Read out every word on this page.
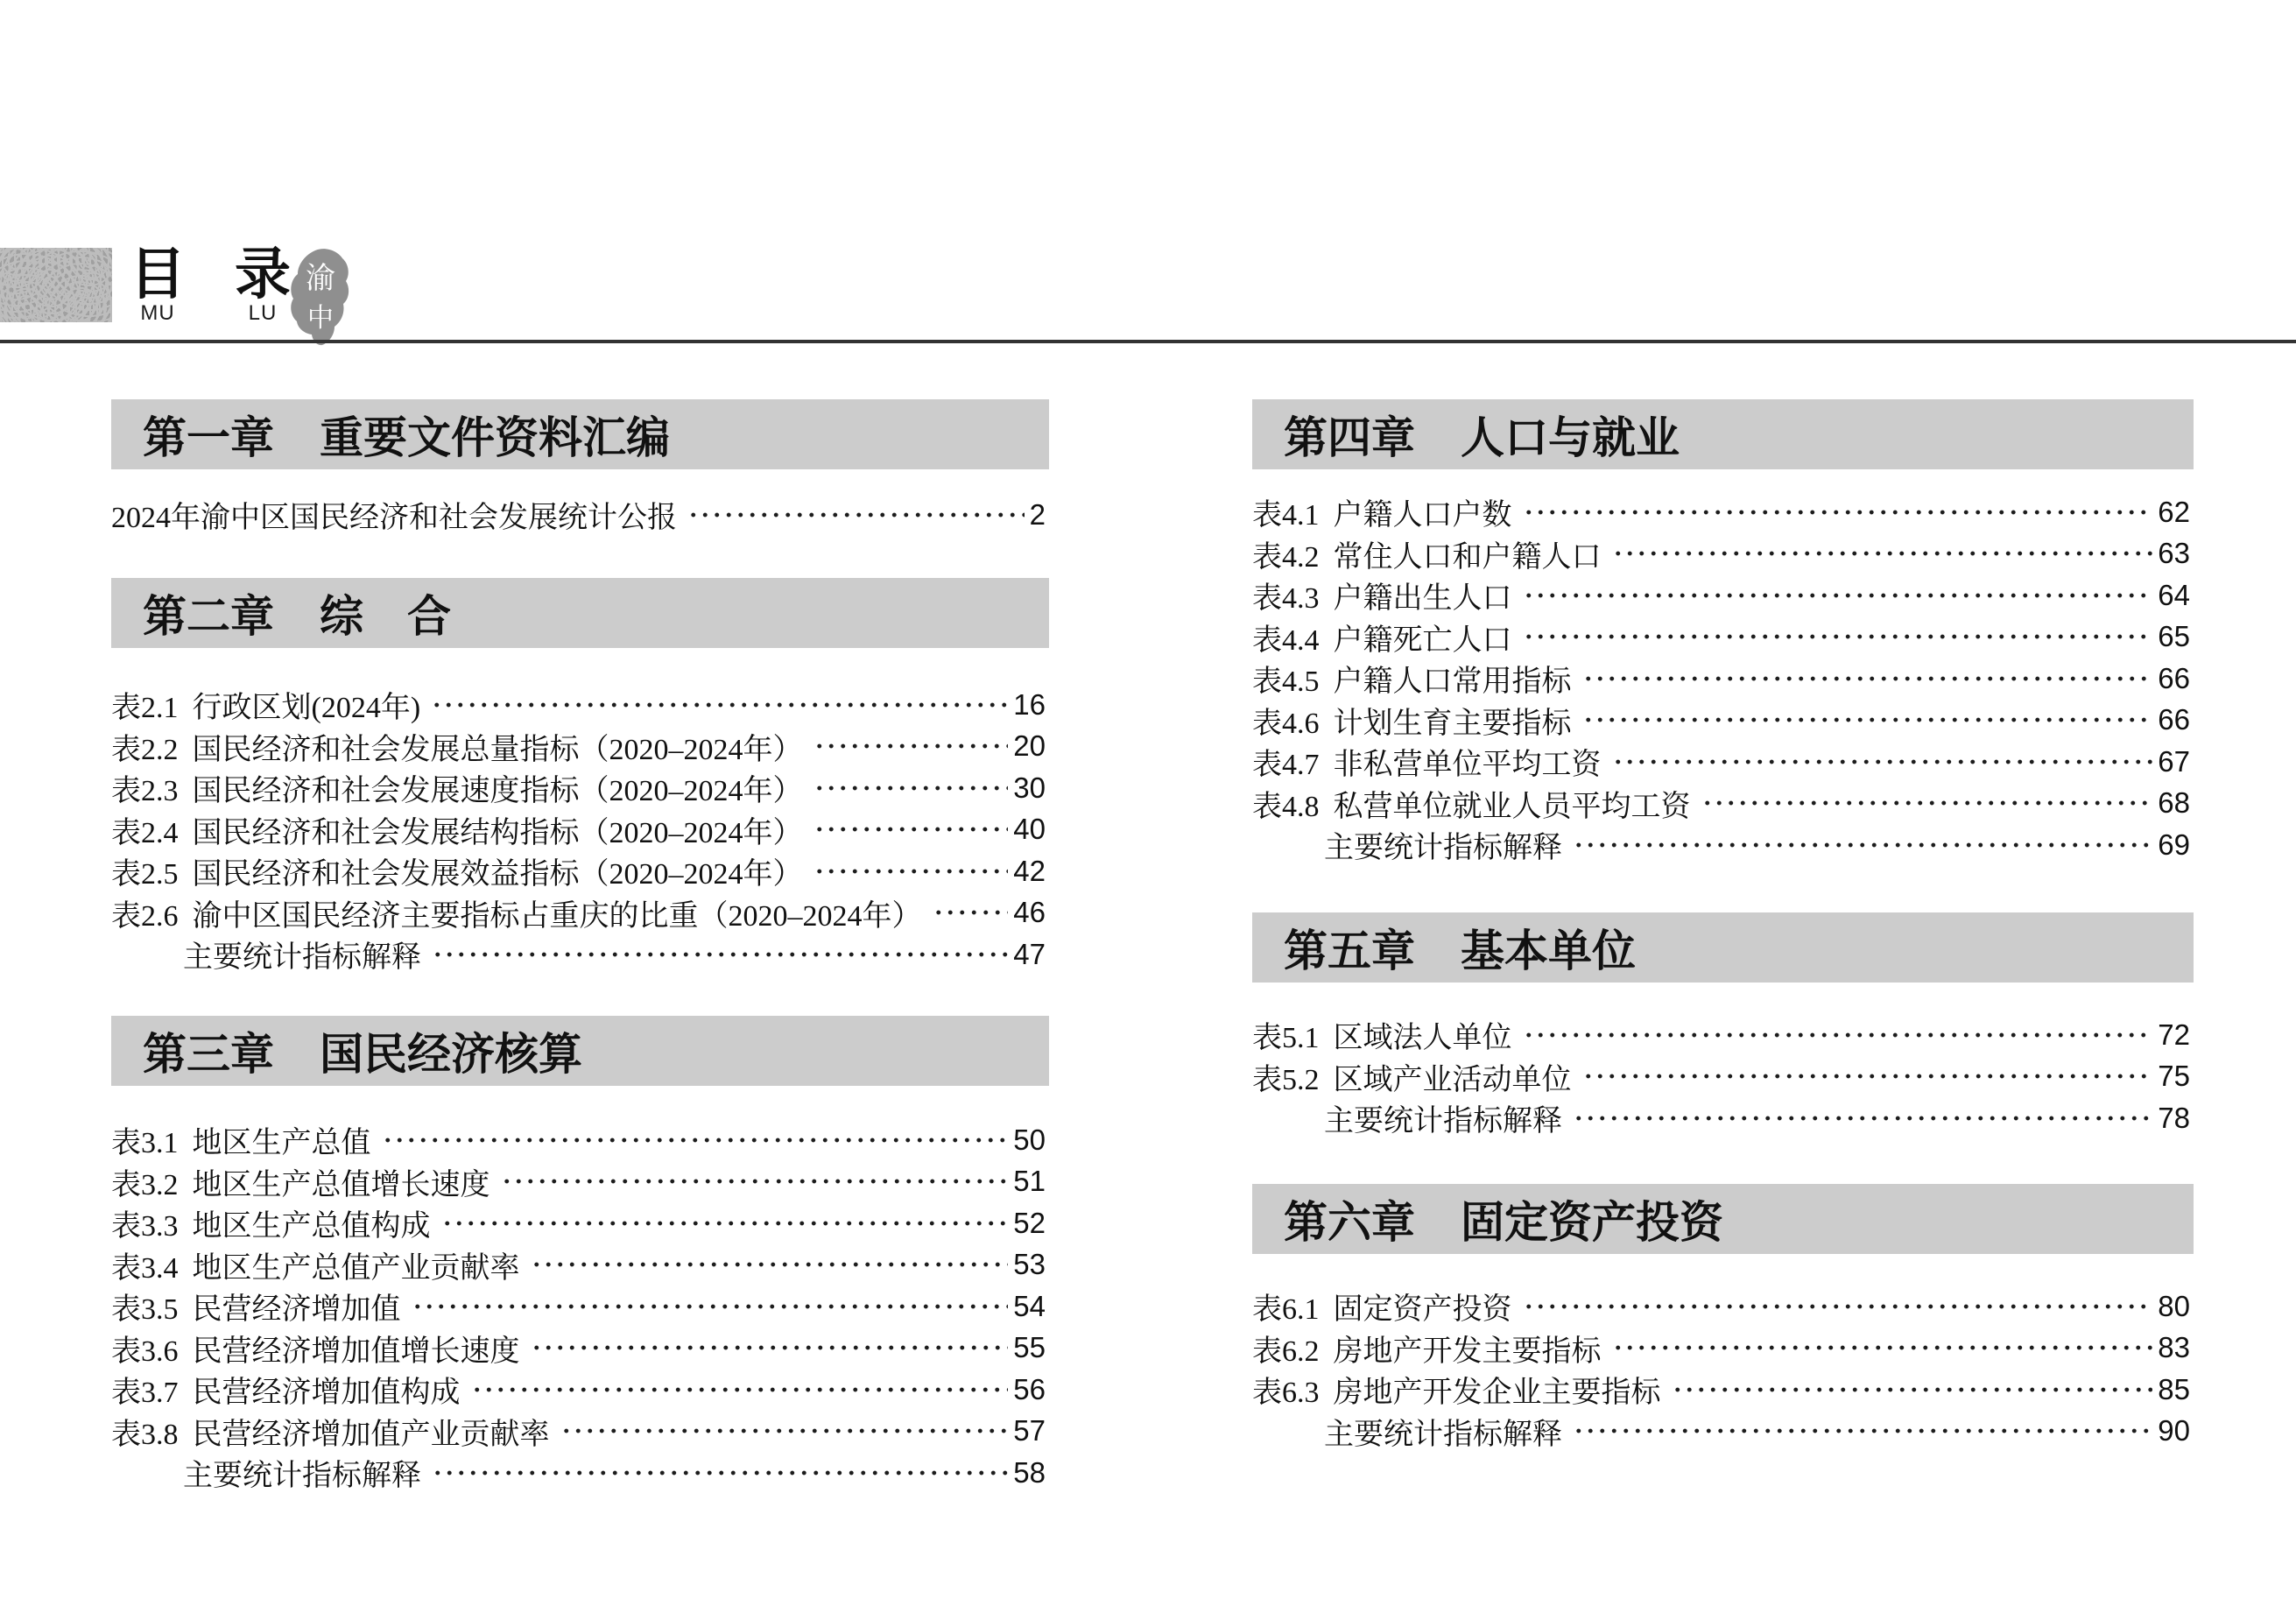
目
MU
录
LU
渝
中
第一章 重要文件资料汇编
2024年渝中区国民经济和社会发展统计公报	2
第二章 综　合
表2.1 行政区划(2024年)	16
表2.2 国民经济和社会发展总量指标（2020–2024年）	20
表2.3 国民经济和社会发展速度指标（2020–2024年）	30
表2.4 国民经济和社会发展结构指标（2020–2024年）	40
表2.5 国民经济和社会发展效益指标（2020–2024年）	42
表2.6 渝中区国民经济主要指标占重庆的比重（2020–2024年）	46
主要统计指标解释	47
第三章 国民经济核算
表3.1 地区生产总值	50
表3.2 地区生产总值增长速度	51
表3.3 地区生产总值构成	52
表3.4 地区生产总值产业贡献率	53
表3.5 民营经济增加值	54
表3.6 民营经济增加值增长速度	55
表3.7 民营经济增加值构成	56
表3.8 民营经济增加值产业贡献率	57
主要统计指标解释	58
第四章 人口与就业
表4.1 户籍人口户数	62
表4.2 常住人口和户籍人口	63
表4.3 户籍出生人口	64
表4.4 户籍死亡人口	65
表4.5 户籍人口常用指标	66
表4.6 计划生育主要指标	66
表4.7 非私营单位平均工资	67
表4.8 私营单位就业人员平均工资	68
主要统计指标解释	69
第五章 基本单位
表5.1 区域法人单位	72
表5.2 区域产业活动单位	75
主要统计指标解释	78
第六章 固定资产投资
表6.1 固定资产投资	80
表6.2 房地产开发主要指标	83
表6.3 房地产开发企业主要指标	85
主要统计指标解释	90
